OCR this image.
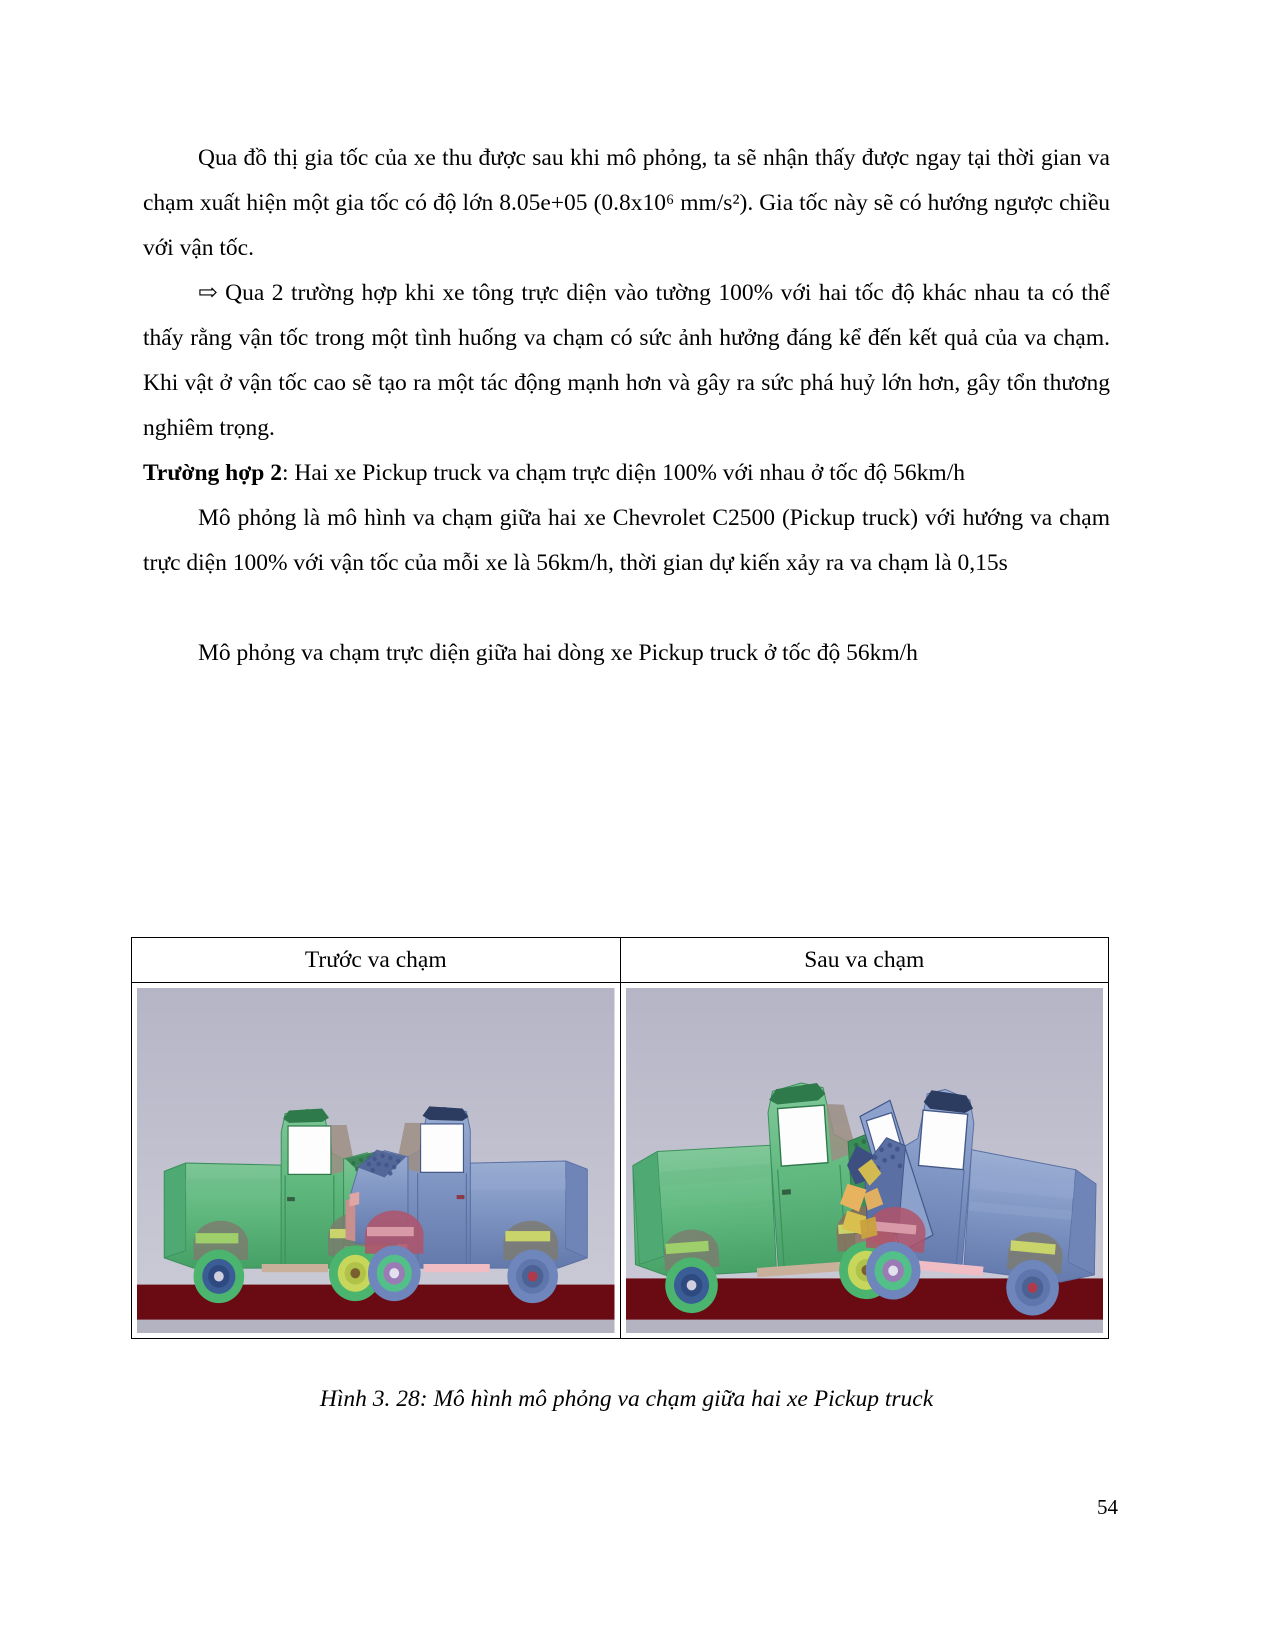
Qua đồ thị gia tốc của xe thu được sau khi mô phỏng, ta sẽ nhận thấy được ngay tại thời gian va chạm xuất hiện một gia tốc có độ lớn 8.05e+05 (0.8x10⁶ mm/s²). Gia tốc này sẽ có hướng ngược chiều với vận tốc.
⇨ Qua 2 trường hợp khi xe tông trực diện vào tường 100% với hai tốc độ khác nhau ta có thể thấy rằng vận tốc trong một tình huống va chạm có sức ảnh hưởng đáng kể đến kết quả của va chạm. Khi vật ở vận tốc cao sẽ tạo ra một tác động mạnh hơn và gây ra sức phá huỷ lớn hơn, gây tổn thương nghiêm trọng.
Trường hợp 2: Hai xe Pickup truck va chạm trực diện 100% với nhau ở tốc độ 56km/h
Mô phỏng là mô hình va chạm giữa hai xe Chevrolet C2500 (Pickup truck) với hướng va chạm trực diện 100% với vận tốc của mỗi xe là 56km/h, thời gian dự kiến xảy ra va chạm là 0,15s
Mô phỏng va chạm trực diện giữa hai dòng xe Pickup truck ở tốc độ 56km/h
Trước va chạm	Sau va chạm

Hình 3. 28: Mô hình mô phỏng va chạm giữa hai xe Pickup truck
54
